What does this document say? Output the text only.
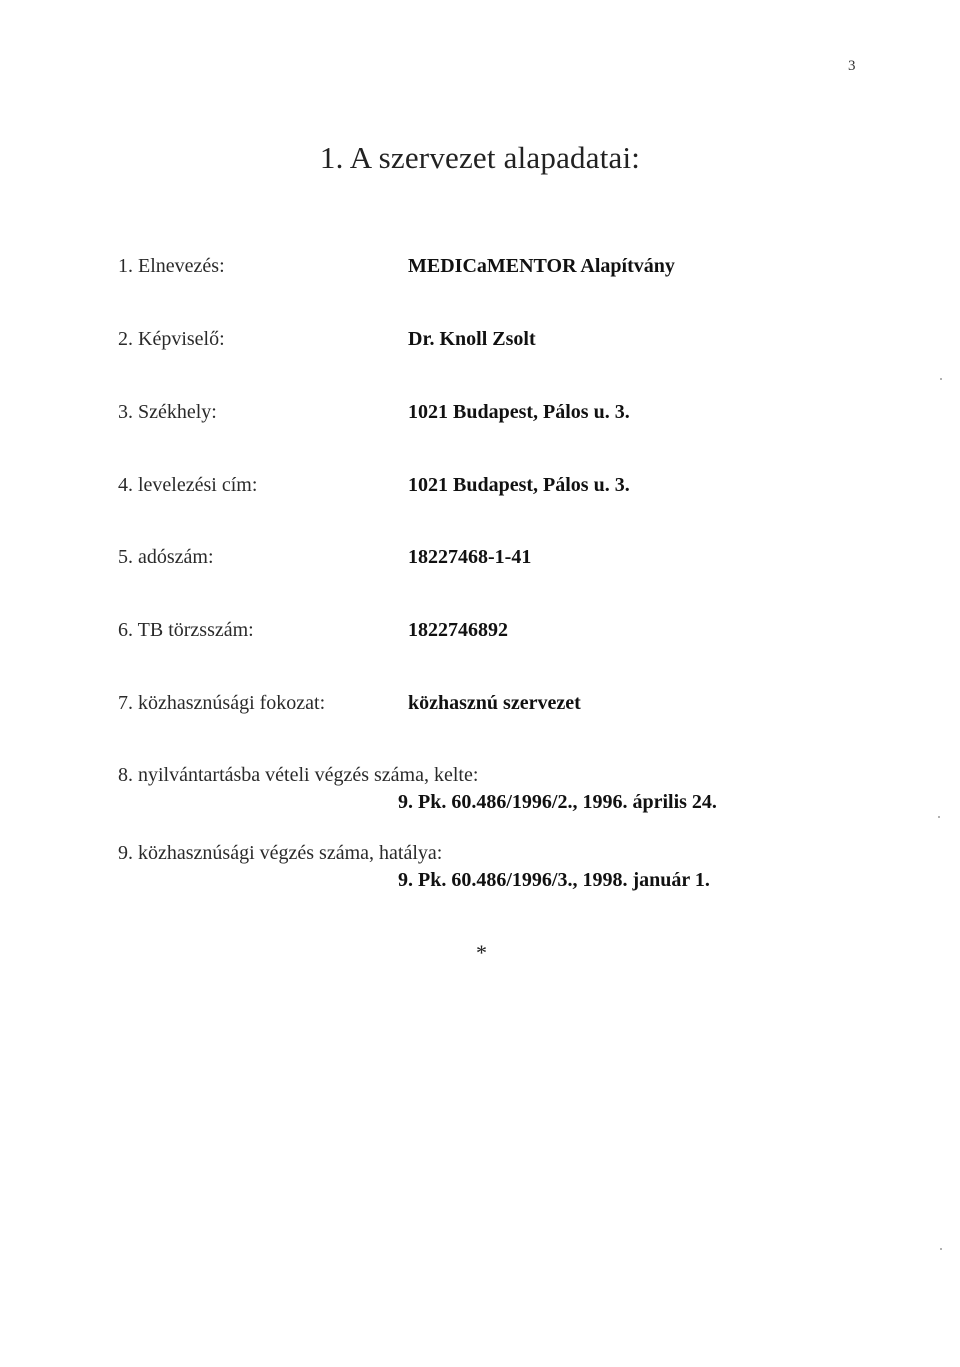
3
1. A szervezet alapadatai:
1. Elnevezés:	MEDICaMENTOR Alapítvány
2. Képviselő:	Dr. Knoll Zsolt
3. Székhely:	1021 Budapest, Pálos u. 3.
4. levelezési cím:	1021 Budapest, Pálos u. 3.
5. adószám:	18227468-1-41
6. TB törzsszám:	1822746892
7. közhasznúsági fokozat:	közhasznú szervezet
8. nyilvántartásba vételi végzés száma, kelte:
9. Pk. 60.486/1996/2., 1996. április 24.
9. közhasznúsági végzés száma, hatálya:
9. Pk. 60.486/1996/3., 1998. január 1.
*
